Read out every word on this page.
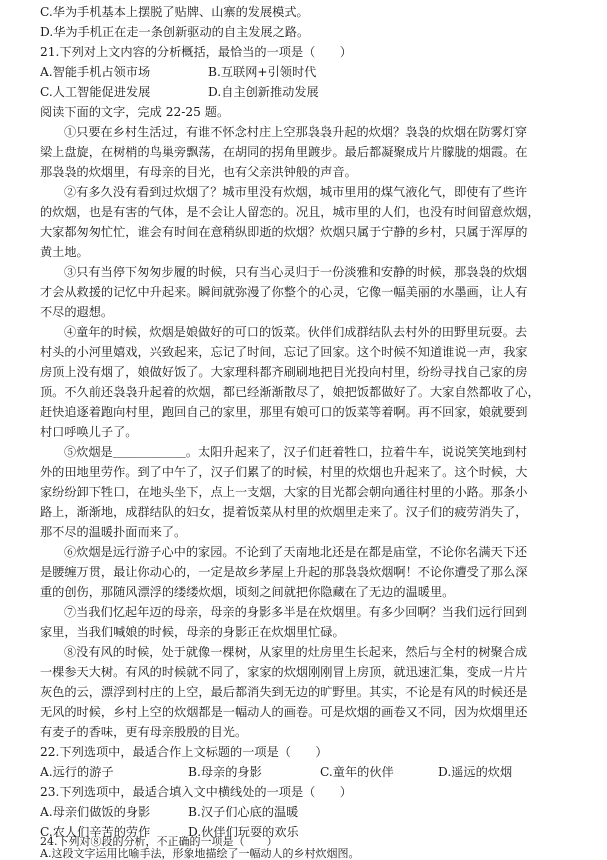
C.华为手机基本上摆脱了贴牌、山寨的发展模式。
D.华为手机正在走一条创新驱动的自主发展之路。
21.下列对上文内容的分析概括，最恰当的一项是（　　）
A.智能手机占领市场	B.互联网+引领时代
C.人工智能促进发展	D.自主创新推动发展
阅读下面的文字，完成 22-25 题。
①只要在乡村生活过，有谁不怀念村庄上空那袅袅升起的炊烟？袅袅的炊烟在防雾灯穿
梁上盘旋，在树梢的鸟巢旁飘荡，在胡同的拐角里踱步。最后都凝聚成片片朦胧的烟霞。在
那袅袅的炊烟里，有母亲的目光，也有父亲洪钟般的声音。
②有多久没有看到过炊烟了？城市里没有炊烟，城市里用的煤气液化气，即使有了些许
的炊烟，也是有害的气体，是不会让人留恋的。况且，城市里的人们，也没有时间留意炊烟，
大家都匆匆忙忙，谁会有时间在意稍纵即逝的炊烟？炊烟只属于宁静的乡村，只属于浑厚的
黄土地。
③只有当停下匆匆步履的时候，只有当心灵归于一份淡雅和安静的时候，那袅袅的炊烟
才会从救援的记忆中升起来。瞬间就弥漫了你整个的心灵，它像一幅美丽的水墨画，让人有
不尽的遐想。
④童年的时候，炊烟是娘做好的可口的饭菜。伙伴们成群结队去村外的田野里玩耍。去
村头的小河里嬉戏，兴致起来，忘记了时间，忘记了回家。这个时候不知道谁说一声，我家
房顶上没有烟了，娘做好饭了。大家理科都齐刷刷地把目光投向村里，纷纷寻找自己家的房
顶。不久前还袅袅升起着的炊烟，都已经渐渐散尽了，娘把饭都做好了。大家自然都收了心，
赶快追逐着跑向村里，跑回自己的家里，那里有娘可口的饭菜等着啊。再不回家，娘就要到
村口呼唤儿子了。
⑤炊烟是＿＿＿＿＿＿。太阳升起来了，汉子们赶着牲口，拉着牛车，说说笑笑地到村
外的田地里劳作。到了中午了，汉子们累了的时候，村里的炊烟也升起来了。这个时候，大
家纷纷卸下牲口，在地头坐下，点上一支烟，大家的目光都会朝向通往村里的小路。那条小
路上，渐渐地，成群结队的妇女，提着饭菜从村里的炊烟里走来了。汉子们的疲劳消失了，
那不尽的温暖扑面而来了。
⑥炊烟是远行游子心中的家园。不论到了天南地北还是在都是庙堂，不论你名满天下还
是腰缠万贯，最让你动心的，一定是故乡茅屋上升起的那袅袅炊烟啊！不论你遭受了那么深
重的创伤，那随风漂浮的缕缕炊烟，顷刻之间就把你隐藏在了无边的温暖里。
⑦当我们忆起年迈的母亲，母亲的身影多半是在炊烟里。有多少回啊？当我们远行回到
家里，当我们喊娘的时候，母亲的身影正在炊烟里忙碌。
⑧没有风的时候，处于就像一棵树，从家里的灶房里生长起来，然后与全村的树聚合成
一棵参天大树。有风的时候就不同了，家家的炊烟刚刚冒上房顶，就迅速汇集，变成一片片
灰色的云，漂浮到村庄的上空，最后都消失到无边的旷野里。其实，不论是有风的时候还是
无风的时候，乡村上空的炊烟都是一幅动人的画卷。可是炊烟的画卷又不同，因为炊烟里还
有麦子的香味，更有母亲殷殷的目光。
22.下列选项中，最适合作上文标题的一项是（　　）
A.远行的游子	B.母亲的身影	C.童年的伙伴	D.遥远的炊烟
23.下列选项中，最适合填入文中横线处的一项是（　　）
A.母亲们做饭的身影	B.汉子们心底的温暖
C.农人们辛苦的劳作	D.伙伴们玩耍的欢乐
24.下列对⑧段的分析，不正确的一项是（　　）
A.这段文字运用比喻手法，形象地描绘了一幅动人的乡村炊烟图。
